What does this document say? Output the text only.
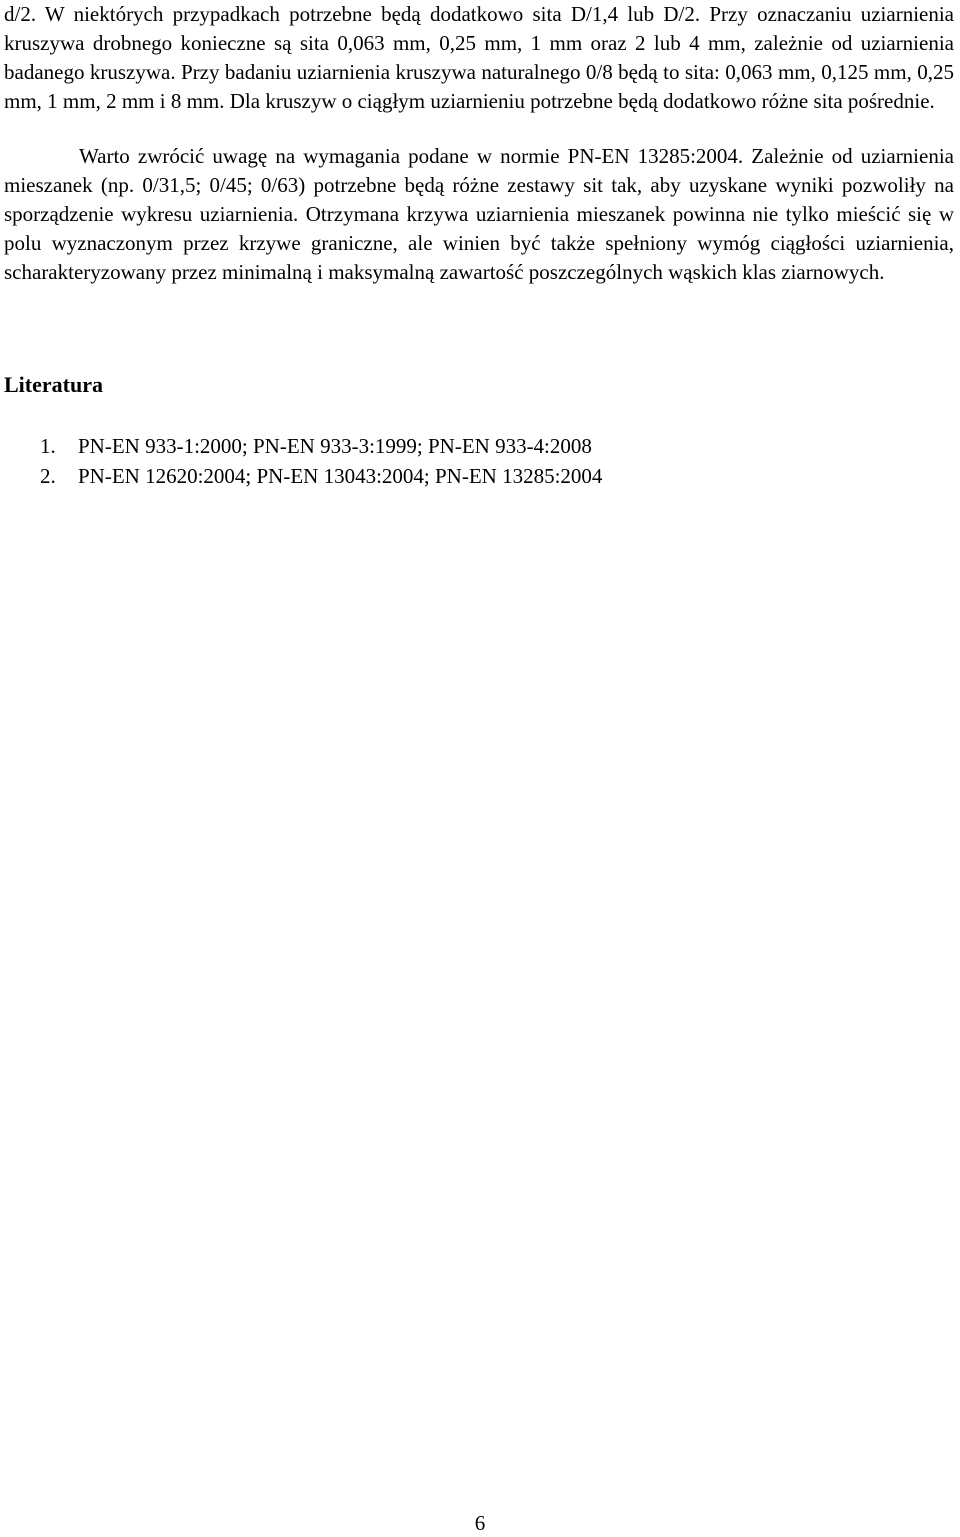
d/2. W niektórych przypadkach potrzebne będą dodatkowo sita D/1,4 lub D/2. Przy oznaczaniu uziarnienia kruszywa drobnego konieczne są sita 0,063 mm, 0,25 mm, 1 mm oraz 2 lub 4 mm, zależnie od uziarnienia badanego kruszywa. Przy badaniu uziarnienia kruszywa naturalnego 0/8 będą to sita: 0,063 mm, 0,125 mm, 0,25 mm, 1 mm, 2 mm i 8 mm. Dla kruszyw o ciągłym uziarnieniu potrzebne będą dodatkowo różne sita pośrednie.

Warto zwrócić uwagę na wymagania podane w normie PN-EN 13285:2004. Zależnie od uziarnienia mieszanek (np. 0/31,5; 0/45; 0/63) potrzebne będą różne zestawy sit tak, aby uzyskane wyniki pozwoliły na sporządzenie wykresu uziarnienia. Otrzymana krzywa uziarnienia mieszanek powinna nie tylko mieścić się w polu wyznaczonym przez krzywe graniczne, ale winien być także spełniony wymóg ciągłości uziarnienia, scharakteryzowany przez minimalną i maksymalną zawartość poszczególnych wąskich klas ziarnowych.

Literatura
1. PN-EN 933-1:2000; PN-EN 933-3:1999; PN-EN 933-4:2008
2. PN-EN 12620:2004; PN-EN 13043:2004; PN-EN 13285:2004
6
